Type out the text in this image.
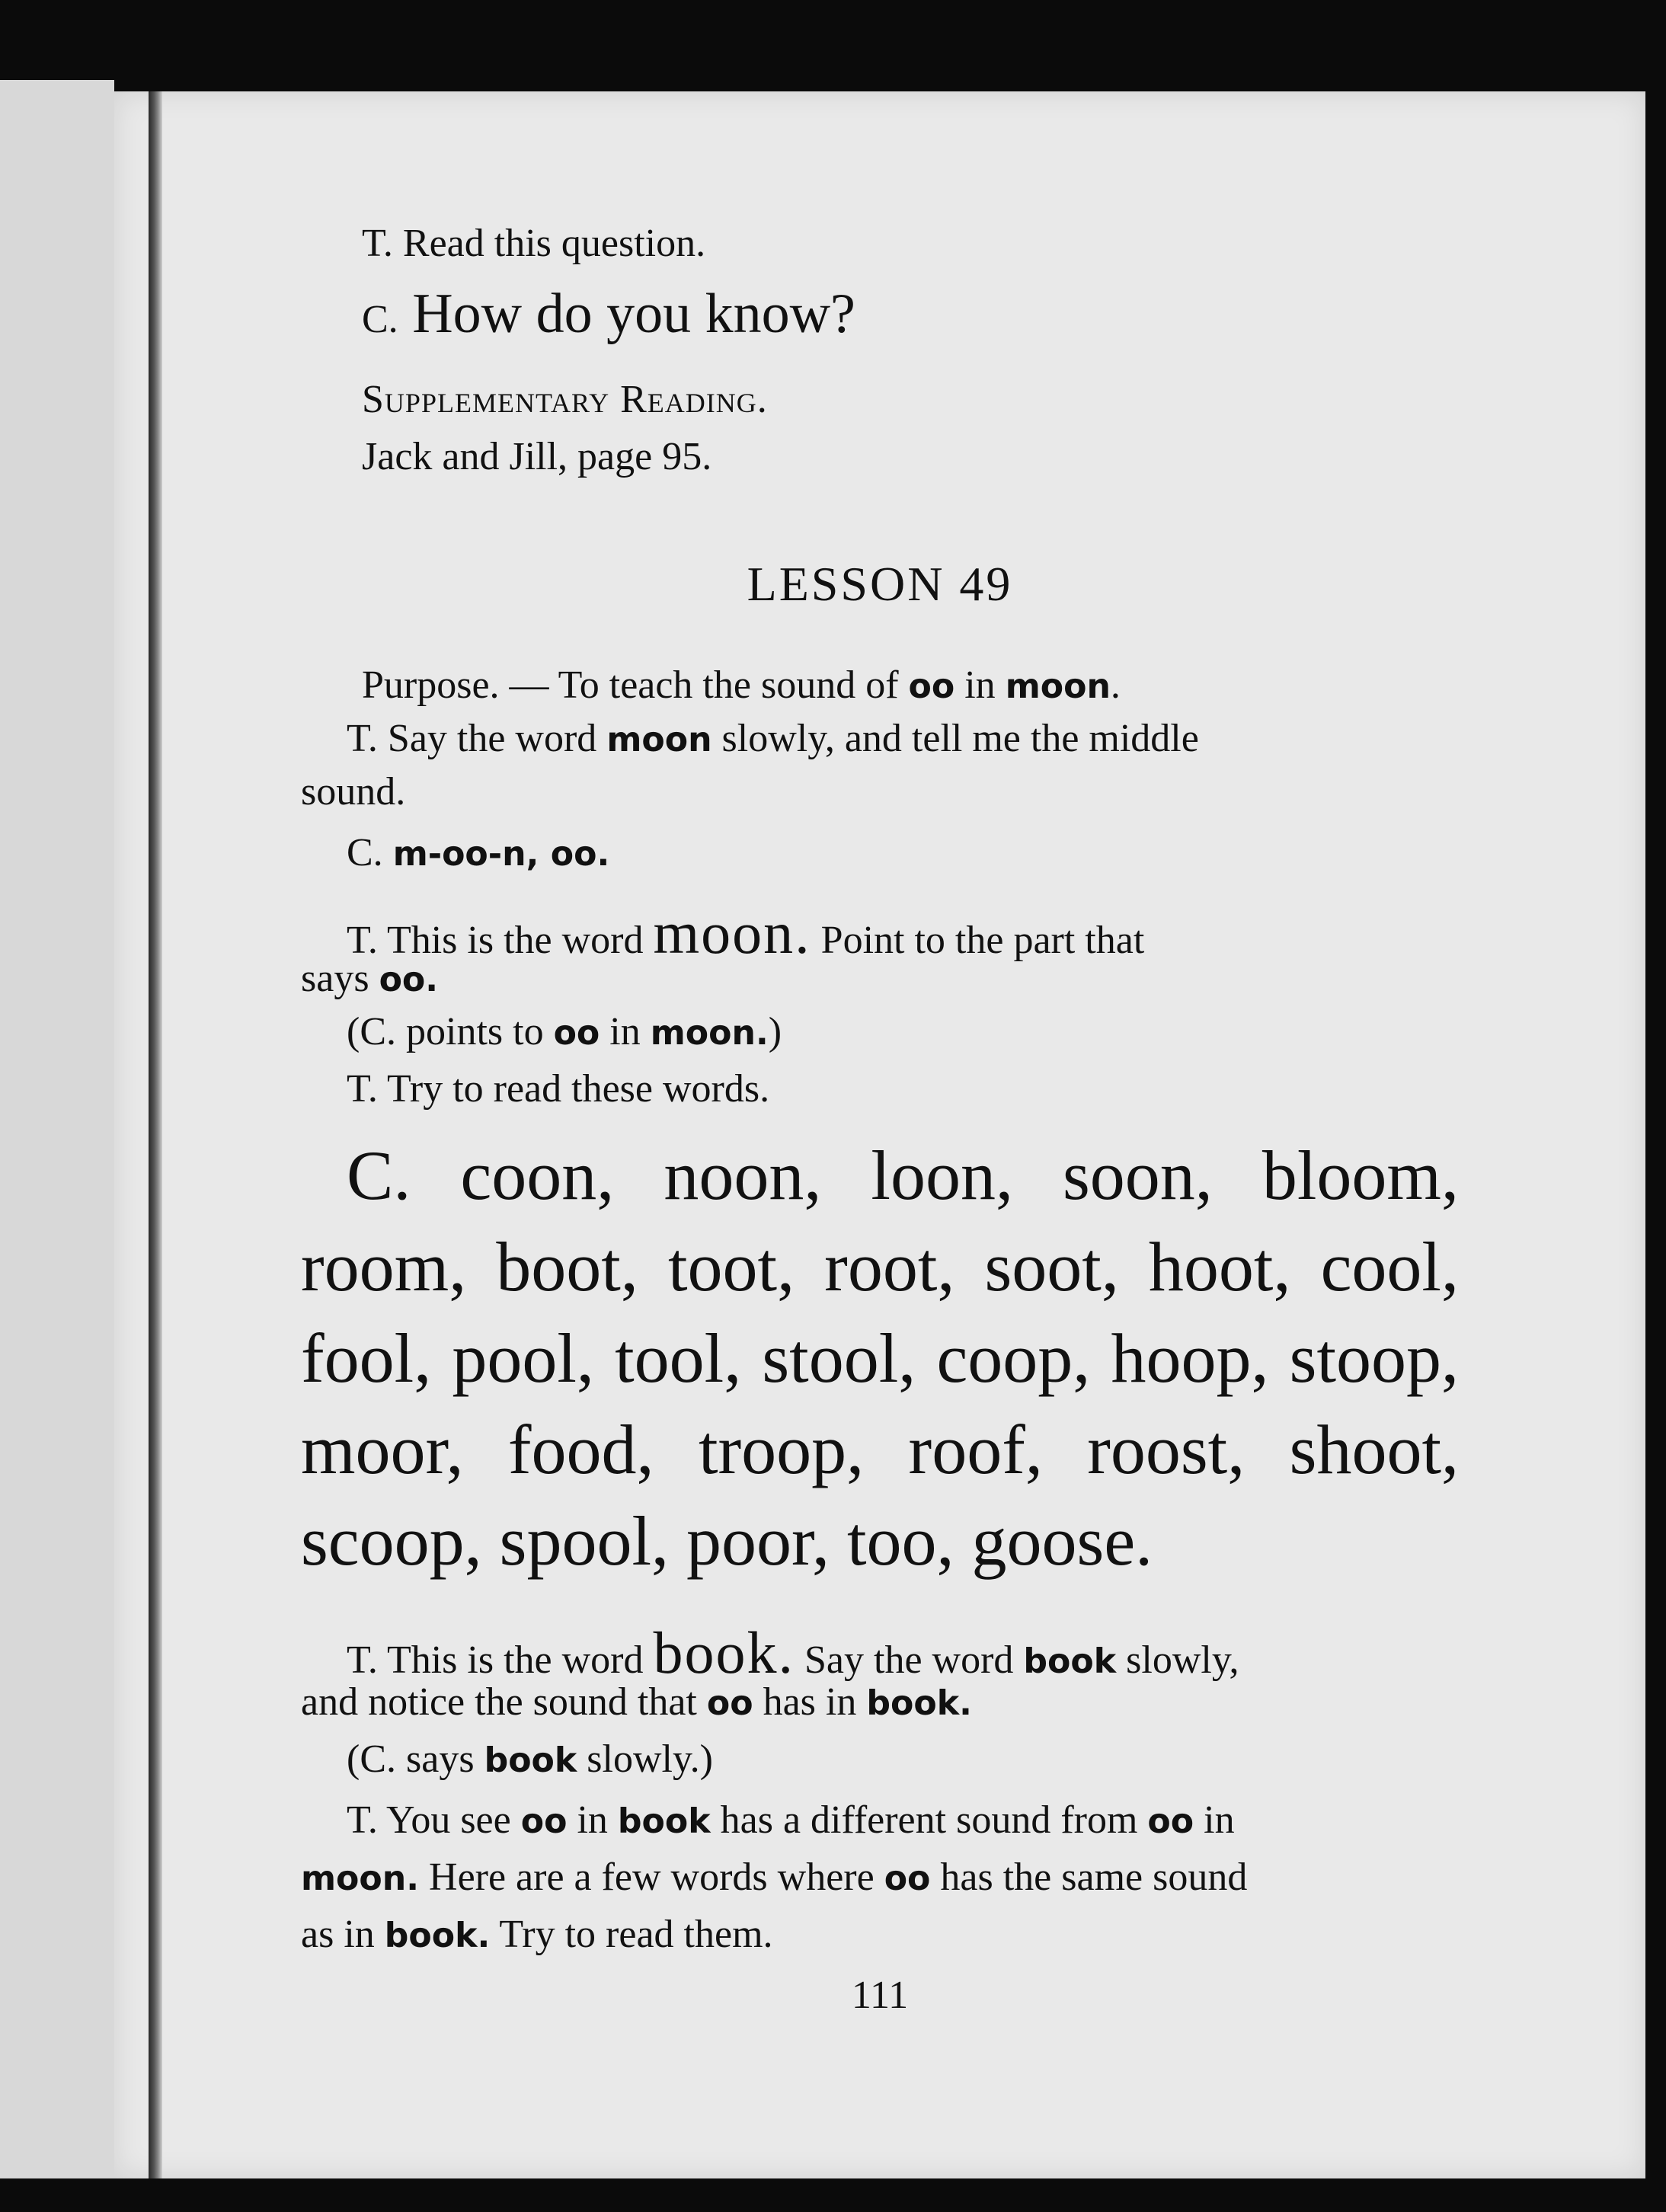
T. Read this question.
C. How do you know?
Supplementary Reading.
Jack and Jill, page 95.
LESSON 49
Purpose. — To teach the sound of oo in moon.
T. Say the word moon slowly, and tell me the middle
sound.
C. m-oo-n, oo.
T. This is the word moon. Point to the part that
says oo.
(C. points to oo in moon.)
T. Try to read these words.
C. coon, noon, loon, soon, bloom,
room, boot, toot, root, soot, hoot, cool,
fool, pool, tool, stool, coop, hoop, stoop,
moor, food, troop, roof, roost, shoot,
scoop, spool, poor, too, goose.
T. This is the word book. Say the word book slowly,
and notice the sound that oo has in book.
(C. says book slowly.)
T. You see oo in book has a different sound from oo in
moon. Here are a few words where oo has the same sound
as in book. Try to read them.
111
